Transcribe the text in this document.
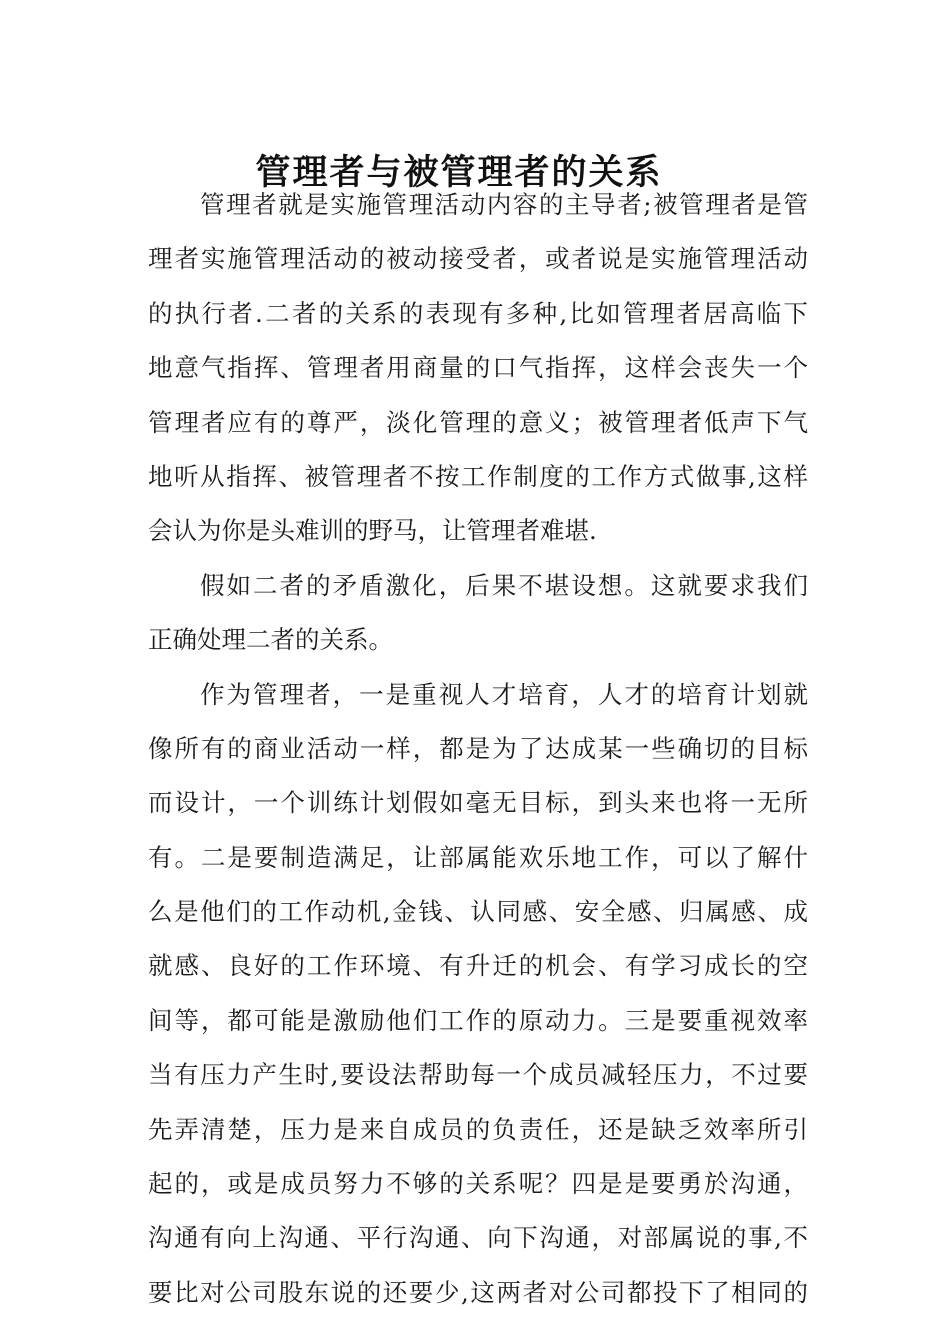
管理者与被管理者的关系

管理者就是实施管理活动内容的主导者;被管理者是管
理者实施管理活动的被动接受者，或者说是实施管理活动
的执行者.二者的关系的表现有多种,比如管理者居高临下
地意气指挥、管理者用商量的口气指挥，这样会丧失一个
管理者应有的尊严，淡化管理的意义；被管理者低声下气
地听从指挥、被管理者不按工作制度的工作方式做事,这样
会认为你是头难训的野马，让管理者难堪.

假如二者的矛盾激化，后果不堪设想。这就要求我们
正确处理二者的关系。

作为管理者，一是重视人才培育，人才的培育计划就
像所有的商业活动一样，都是为了达成某一些确切的目标
而设计，一个训练计划假如毫无目标，到头来也将一无所
有。二是要制造满足，让部属能欢乐地工作，可以了解什
么是他们的工作动机,金钱、认同感、安全感、归属感、成
就感、良好的工作环境、有升迁的机会、有学习成长的空
间等，都可能是激励他们工作的原动力。三是要重视效率
当有压力产生时,要设法帮助每一个成员减轻压力，不过要
先弄清楚，压力是来自成员的负责任，还是缺乏效率所引
起的，或是成员努力不够的关系呢？四是是要勇於沟通，
沟通有向上沟通、平行沟通、向下沟通，对部属说的事,不
要比对公司股东说的还要少,这两者对公司都投下了相同的
